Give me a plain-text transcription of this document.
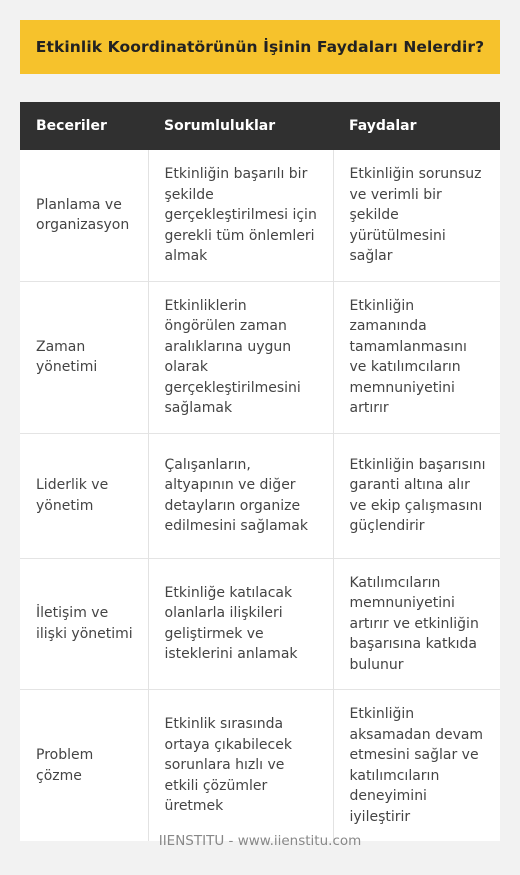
Etkinlik Koordinatörünün İşinin Faydaları Nelerdir?
Beceriler	Sorumluluklar	Faydalar
Planlama ve organizasyon	Etkinliğin başarılı bir şekilde gerçekleştirilmesi için gerekli tüm önlemleri almak	Etkinliğin sorunsuz ve verimli bir şekilde yürütülmesini sağlar
Zaman yönetimi	Etkinliklerin öngörülen zaman aralıklarına uygun olarak gerçekleştirilmesini sağlamak	Etkinliğin zamanında tamamlanmasını ve katılımcıların memnuniyetini artırır
Liderlik ve yönetim	Çalışanların, altyapının ve diğer detayların organize edilmesini sağlamak	Etkinliğin başarısını garanti altına alır ve ekip çalışmasını güçlendirir
İletişim ve ilişki yönetimi	Etkinliğe katılacak olanlarla ilişkileri geliştirmek ve isteklerini anlamak	Katılımcıların memnuniyetini artırır ve etkinliğin başarısına katkıda bulunur
Problem çözme	Etkinlik sırasında ortaya çıkabilecek sorunlara hızlı ve etkili çözümler üretmek	Etkinliğin aksamadan devam etmesini sağlar ve katılımcıların deneyimini iyileştirir
IIENSTITU - www.iienstitu.com
